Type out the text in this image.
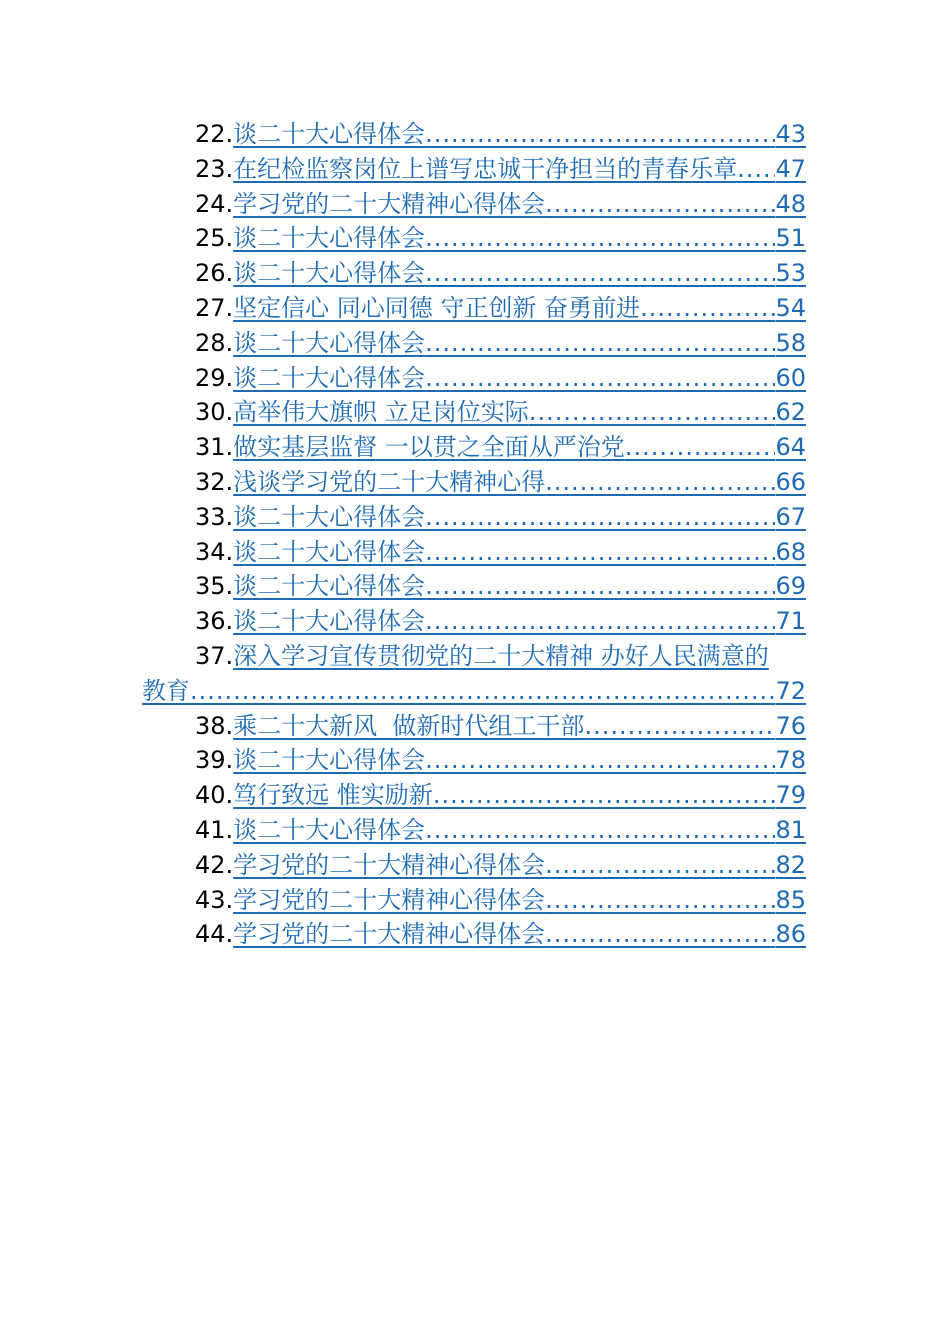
22. 谈二十大心得体会 .....	43
23. 在纪检监察岗位上谱写忠诚干净担当的青春乐章 ..... 47
24. 学习党的二十大精神心得体会 .....	48
25. 谈二十大心得体会 .....	51
26. 谈二十大心得体会 .....	53
27. 坚定信心 同心同德 守正创新 奋勇前进 .....	54
28. 谈二十大心得体会 .....	58
29. 谈二十大心得体会 .....	60
30. 高举伟大旗帜 立足岗位实际 .....	62
31. 做实基层监督 一以贯之全面从严治党 .....	64
32. 浅谈学习党的二十大精神心得 .....	66
33. 谈二十大心得体会 .....	67
34. 谈二十大心得体会 .....	68
35. 谈二十大心得体会 .....	69
36. 谈二十大心得体会 .....	71
37. 深入学习宣传贯彻党的二十大精神 办好人民满意的
教育 .....	72
38. 乘二十大新风  做新时代组工干部 .....	76
39. 谈二十大心得体会 .....	78
40. 笃行致远 惟实励新 .....	79
41. 谈二十大心得体会 .....	81
42. 学习党的二十大精神心得体会 .....	82
43. 学习党的二十大精神心得体会 .....	85
44. 学习党的二十大精神心得体会 .....	86
